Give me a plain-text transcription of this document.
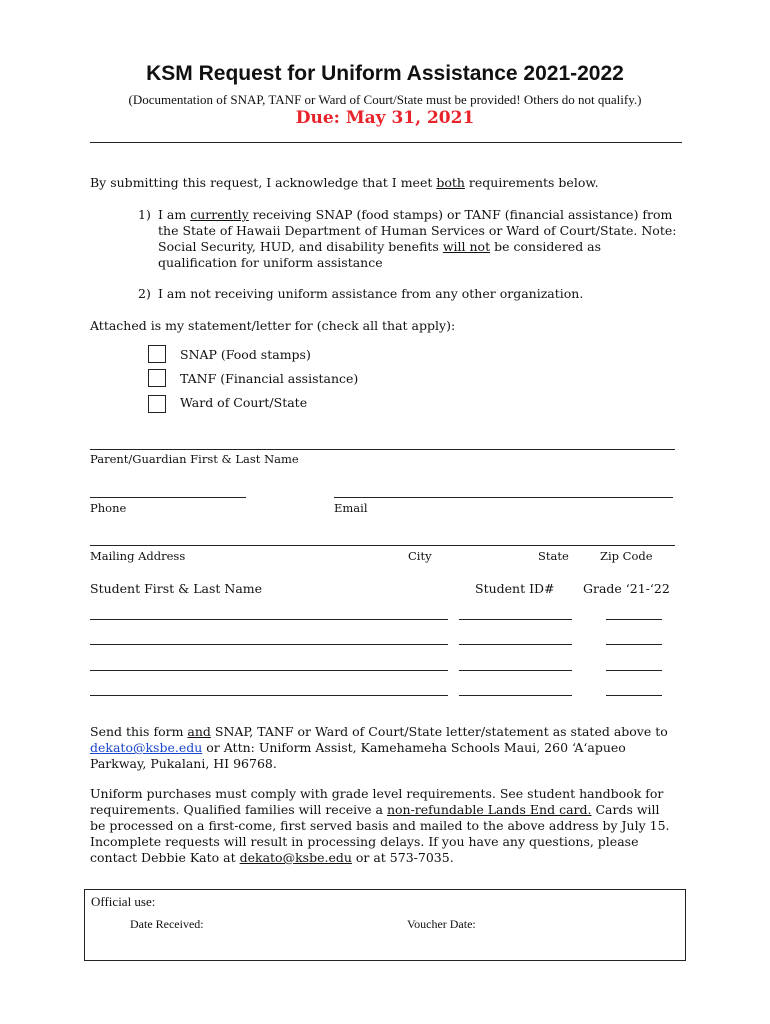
KSM Request for Uniform Assistance 2021-2022
(Documentation of SNAP, TANF or Ward of Court/State must be provided! Others do not qualify.)
Due: May 31, 2021
By submitting this request, I acknowledge that I meet both requirements below.
1) I am currently receiving SNAP (food stamps) or TANF (financial assistance) from the State of Hawaii Department of Human Services or Ward of Court/State. Note: Social Security, HUD, and disability benefits will not be considered as qualification for uniform assistance
2) I am not receiving uniform assistance from any other organization.
Attached is my statement/letter for (check all that apply):
SNAP (Food stamps)
TANF (Financial assistance)
Ward of Court/State
Parent/Guardian First & Last Name
Phone	Email
Mailing Address	City	State	Zip Code
Student First & Last Name	Student ID# Grade ‘21-‘22
Send this form and SNAP, TANF or Ward of Court/State letter/statement as stated above to
dekato@ksbe.edu or Attn: Uniform Assist, Kamehameha Schools Maui, 260 ‘A‘apueo
Parkway, Pukalani, HI 96768.
Uniform purchases must comply with grade level requirements. See student handbook for
requirements. Qualified families will receive a non-refundable Lands End card. Cards will
be processed on a first-come, first served basis and mailed to the above address by July 15.
Incomplete requests will result in processing delays. If you have any questions, please
contact Debbie Kato at dekato@ksbe.edu or at 573-7035.
Official use:
Date Received:	Voucher Date:
